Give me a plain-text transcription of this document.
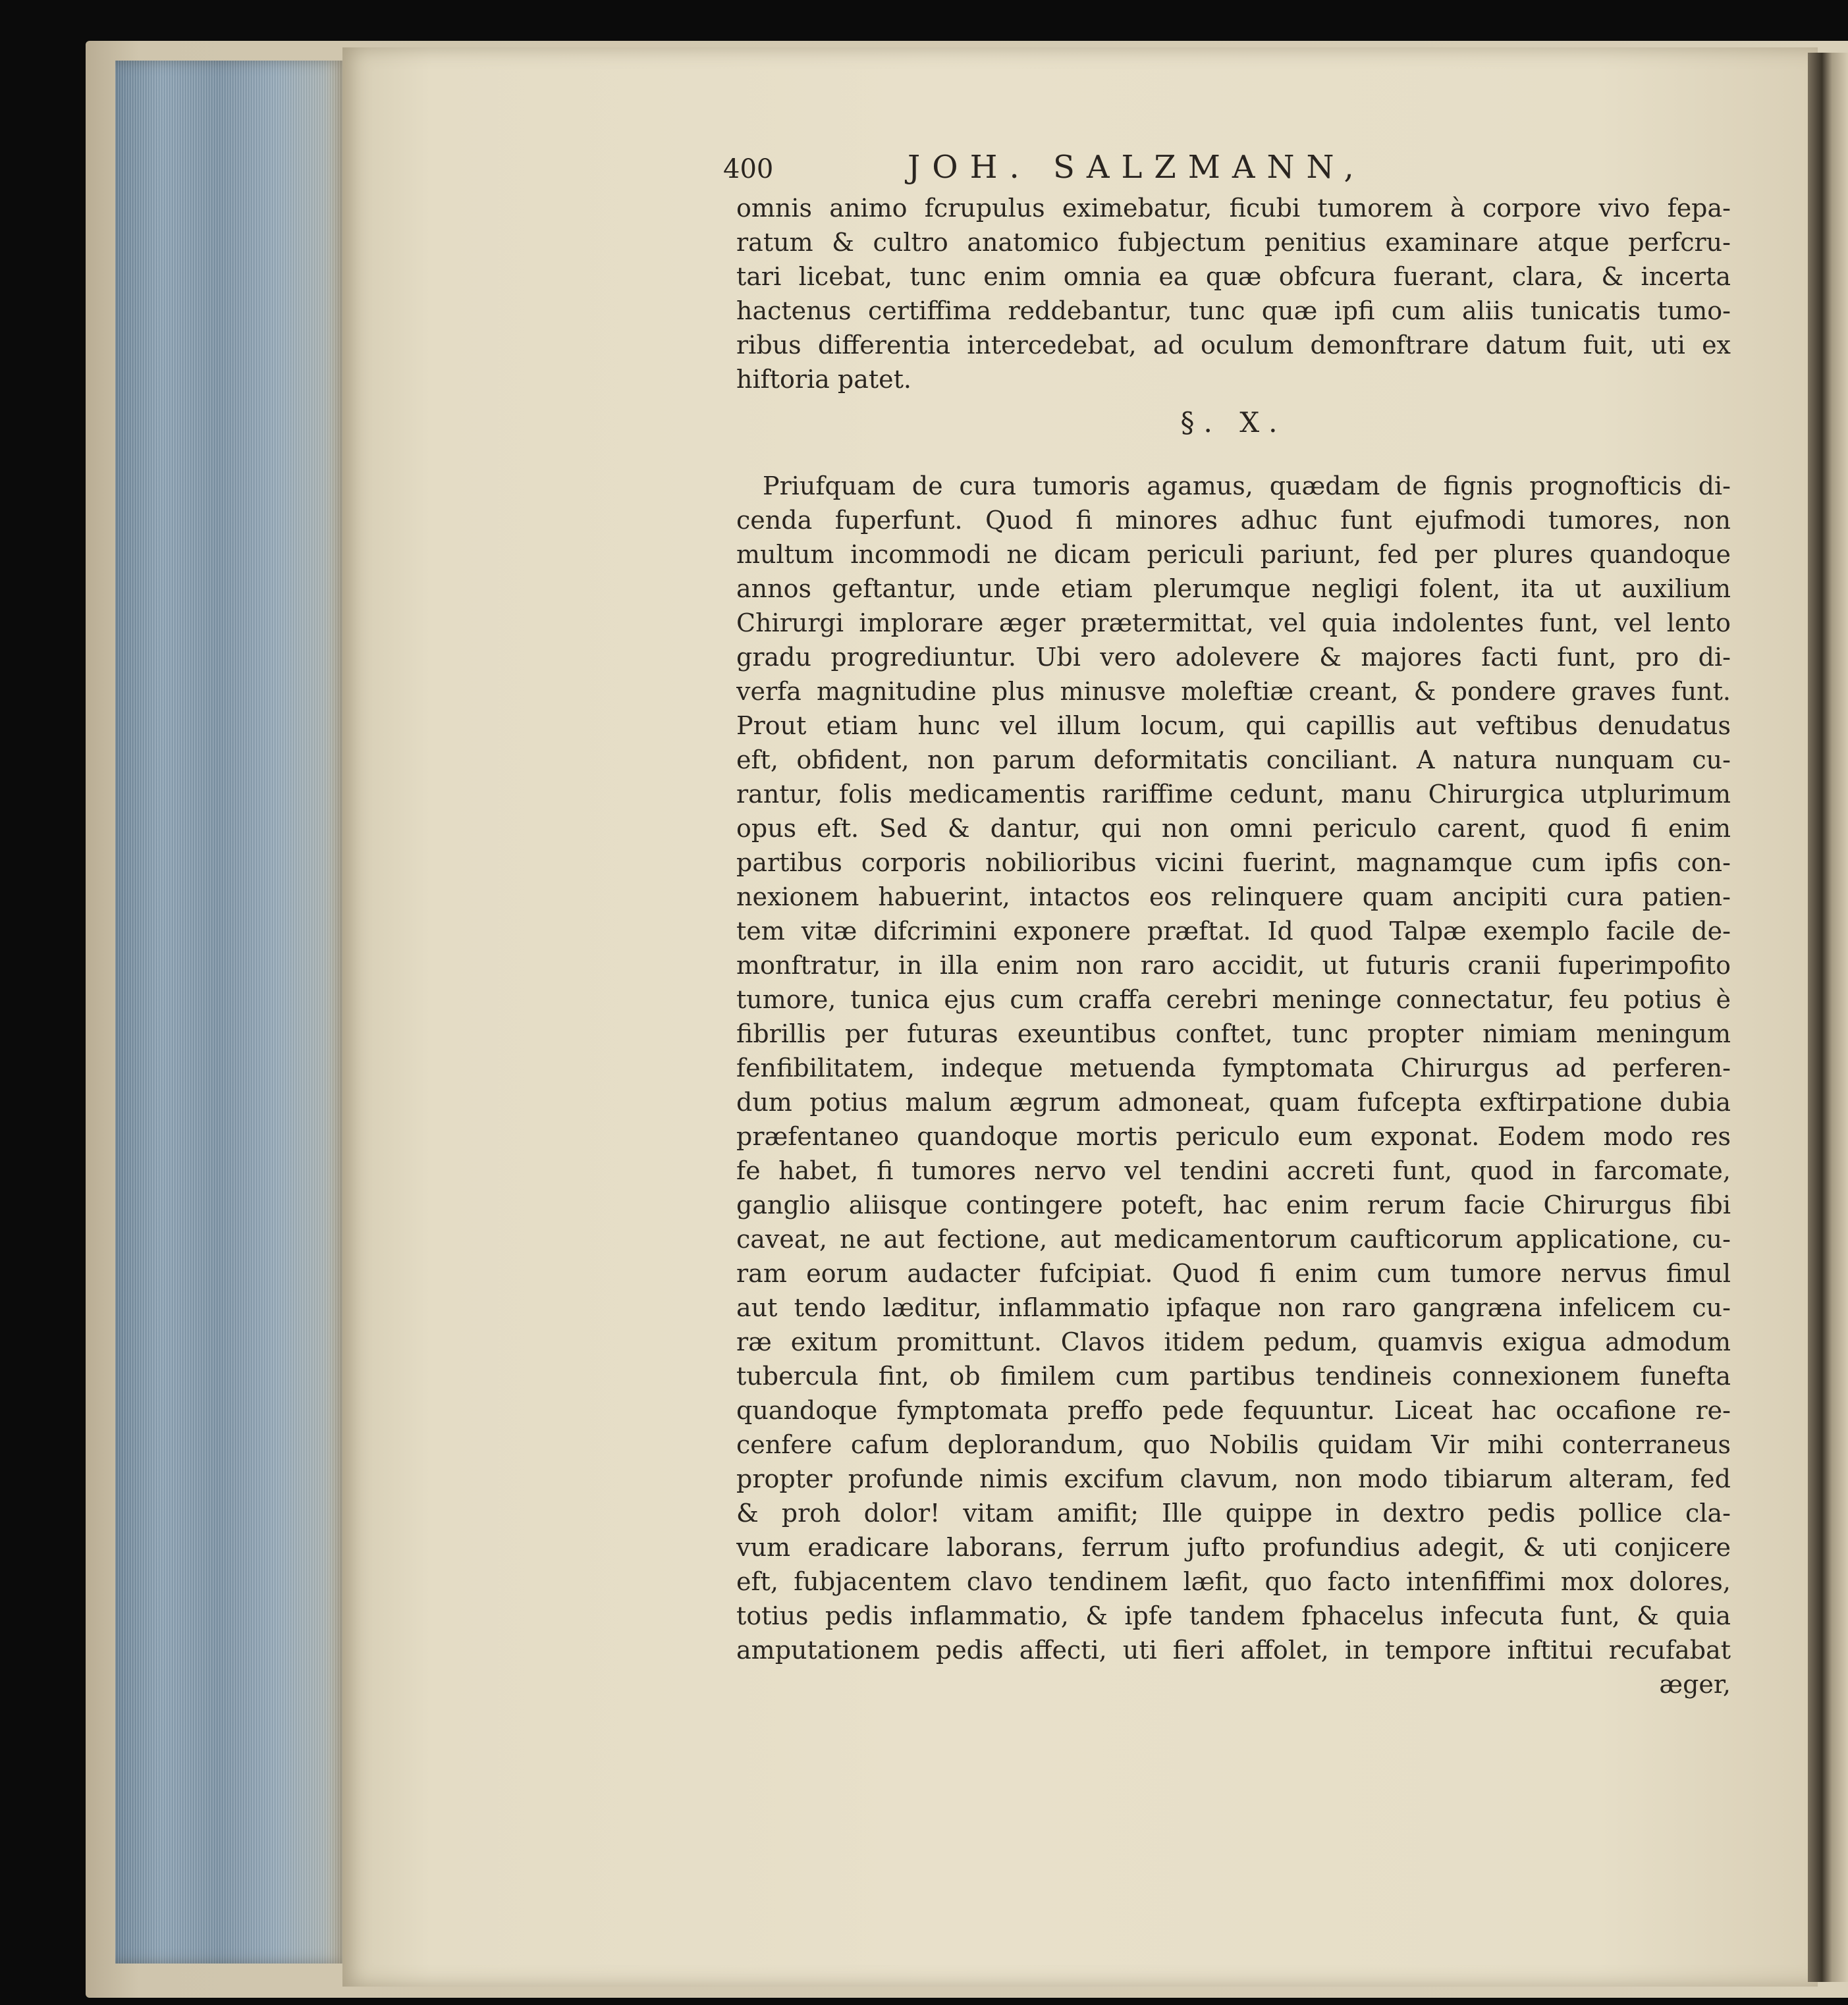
400	JOH. SALZMANN,
omnis animo fcrupulus eximebatur, ficubi tumorem à corpore vivo fepa-
ratum & cultro anatomico fubjectum penitius examinare atque perfcru-
tari licebat, tunc enim omnia ea quæ obfcura fuerant, clara, & incerta
hactenus certiffima reddebantur, tunc quæ ipfi cum aliis tunicatis tumo-
ribus differentia intercedebat, ad oculum demonftrare datum fuit, uti ex
hiftoria patet.
§. X.
Priufquam de cura tumoris agamus, quædam de fignis prognofticis di-
cenda fuperfunt. Quod fi minores adhuc funt ejufmodi tumores, non
multum incommodi ne dicam periculi pariunt, fed per plures quandoque
annos geftantur, unde etiam plerumque negligi folent, ita ut auxilium
Chirurgi implorare æger prætermittat, vel quia indolentes funt, vel lento
gradu progrediuntur. Ubi vero adolevere & majores facti funt, pro di-
verfa magnitudine plus minusve moleftiæ creant, & pondere graves funt.
Prout etiam hunc vel illum locum, qui capillis aut veftibus denudatus
eft, obfident, non parum deformitatis conciliant. A natura nunquam cu-
rantur, folis medicamentis rariffime cedunt, manu Chirurgica utplurimum
opus eft. Sed & dantur, qui non omni periculo carent, quod fi enim
partibus corporis nobilioribus vicini fuerint, magnamque cum ipfis con-
nexionem habuerint, intactos eos relinquere quam ancipiti cura patien-
tem vitæ difcrimini exponere præftat. Id quod Talpæ exemplo facile de-
monftratur, in illa enim non raro accidit, ut futuris cranii fuperimpofito
tumore, tunica ejus cum craffa cerebri meninge connectatur, feu potius è
fibrillis per futuras exeuntibus conftet, tunc propter nimiam meningum
fenfibilitatem, indeque metuenda fymptomata Chirurgus ad perferen-
dum potius malum ægrum admoneat, quam fufcepta exftirpatione dubia
præfentaneo quandoque mortis periculo eum exponat. Eodem modo res
fe habet, fi tumores nervo vel tendini accreti funt, quod in farcomate,
ganglio aliisque contingere poteft, hac enim rerum facie Chirurgus fibi
caveat, ne aut fectione, aut medicamentorum caufticorum applicatione, cu-
ram eorum audacter fufcipiat. Quod fi enim cum tumore nervus fimul
aut tendo læditur, inflammatio ipfaque non raro gangræna infelicem cu-
ræ exitum promittunt. Clavos itidem pedum, quamvis exigua admodum
tubercula fint, ob fimilem cum partibus tendineis connexionem funefta
quandoque fymptomata preffo pede fequuntur. Liceat hac occafione re-
cenfere cafum deplorandum, quo Nobilis quidam Vir mihi conterraneus
propter profunde nimis excifum clavum, non modo tibiarum alteram, fed
& proh dolor! vitam amifit; Ille quippe in dextro pedis pollice cla-
vum eradicare laborans, ferrum jufto profundius adegit, & uti conjicere
eft, fubjacentem clavo tendinem læfit, quo facto intenfiffimi mox dolores,
totius pedis inflammatio, & ipfe tandem fphacelus infecuta funt, & quia
amputationem pedis affecti, uti fieri affolet, in tempore inftitui recufabat
æger,
